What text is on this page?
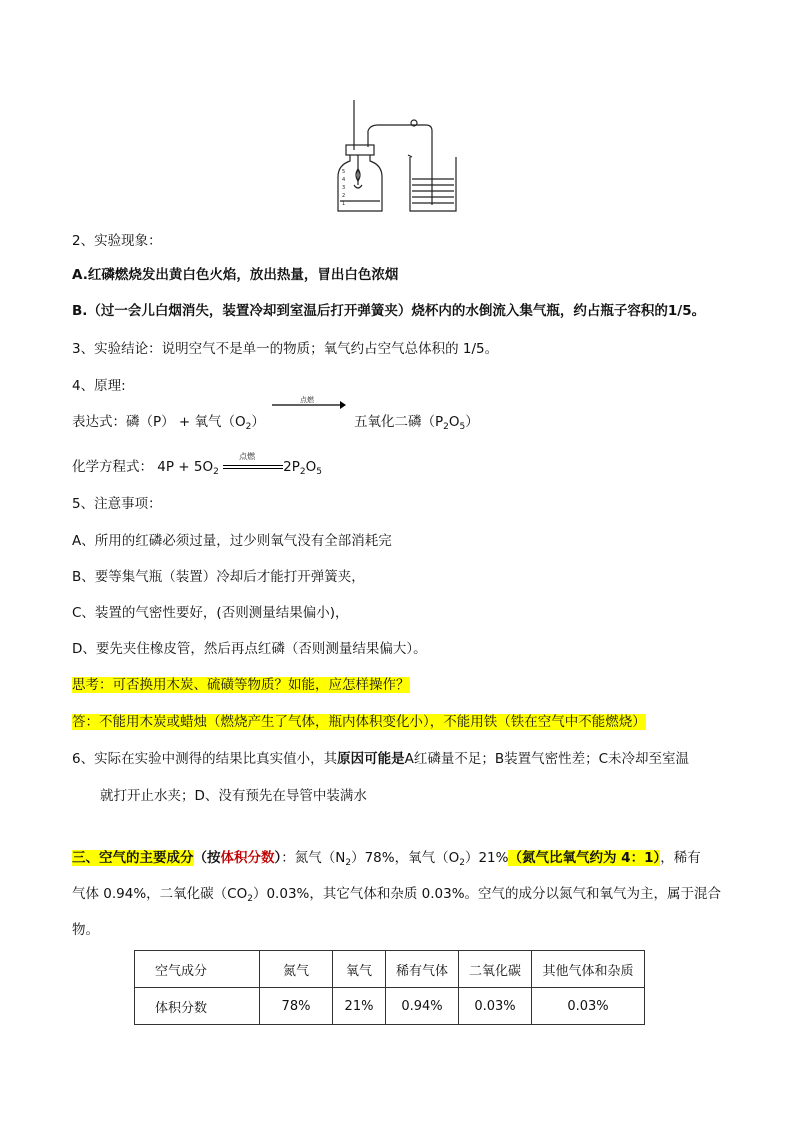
5
4
3
2
1
2、实验现象：
A.红磷燃烧发出黄白色火焰，放出热量，冒出白色浓烟
B.（过一会儿白烟消失，装置冷却到室温后打开弹簧夹）烧杯内的水倒流入集气瓶，约占瓶子容积的1/5。
3、实验结论：说明空气不是单一的物质；氧气约占空气总体积的 1/5。
4、原理:
表达式：磷（P） + 氧气$(O_2)$
点燃
五氧化二磷$(P_2O_5)$
化学方程式： $4P + 5O_2$
点燃
$2P_2O_5$
5、注意事项：
A、所用的红磷必须过量，过少则氧气没有全部消耗完
B、要等集气瓶（装置）冷却后才能打开弹簧夹，
C、装置的气密性要好，(否则测量结果偏小)，
D、要先夹住橡皮管，然后再点红磷（否则测量结果偏大）。
思考：可否换用木炭、硫磺等物质？如能，应怎样操作？
答：不能用木炭或蜡烛（燃烧产生了气体，瓶内体积变化小），不能用铁（铁在空气中不能燃烧）
6、实际在实验中测得的结果比真实值小，其原因可能是A红磷量不足；B装置气密性差；C未冷却至室温
就打开止水夹；D、没有预先在导管中装满水
三、空气的主要成分（按体积分数）：氮气$(N_2)78\%$，氧气$(O_2)21\%$（氮气比氧气约为 4：1），稀有
气体 0.94%，二氧化碳$(CO_2)0.03\%$，其它气体和杂质 0.03%。空气的成分以氮气和氧气为主，属于混合
物。
空气成分	氮气	氧气	稀有气体	二氧化碳	其他气体和杂质
体积分数	78%	21%	0.94%	0.03%	0.03%
